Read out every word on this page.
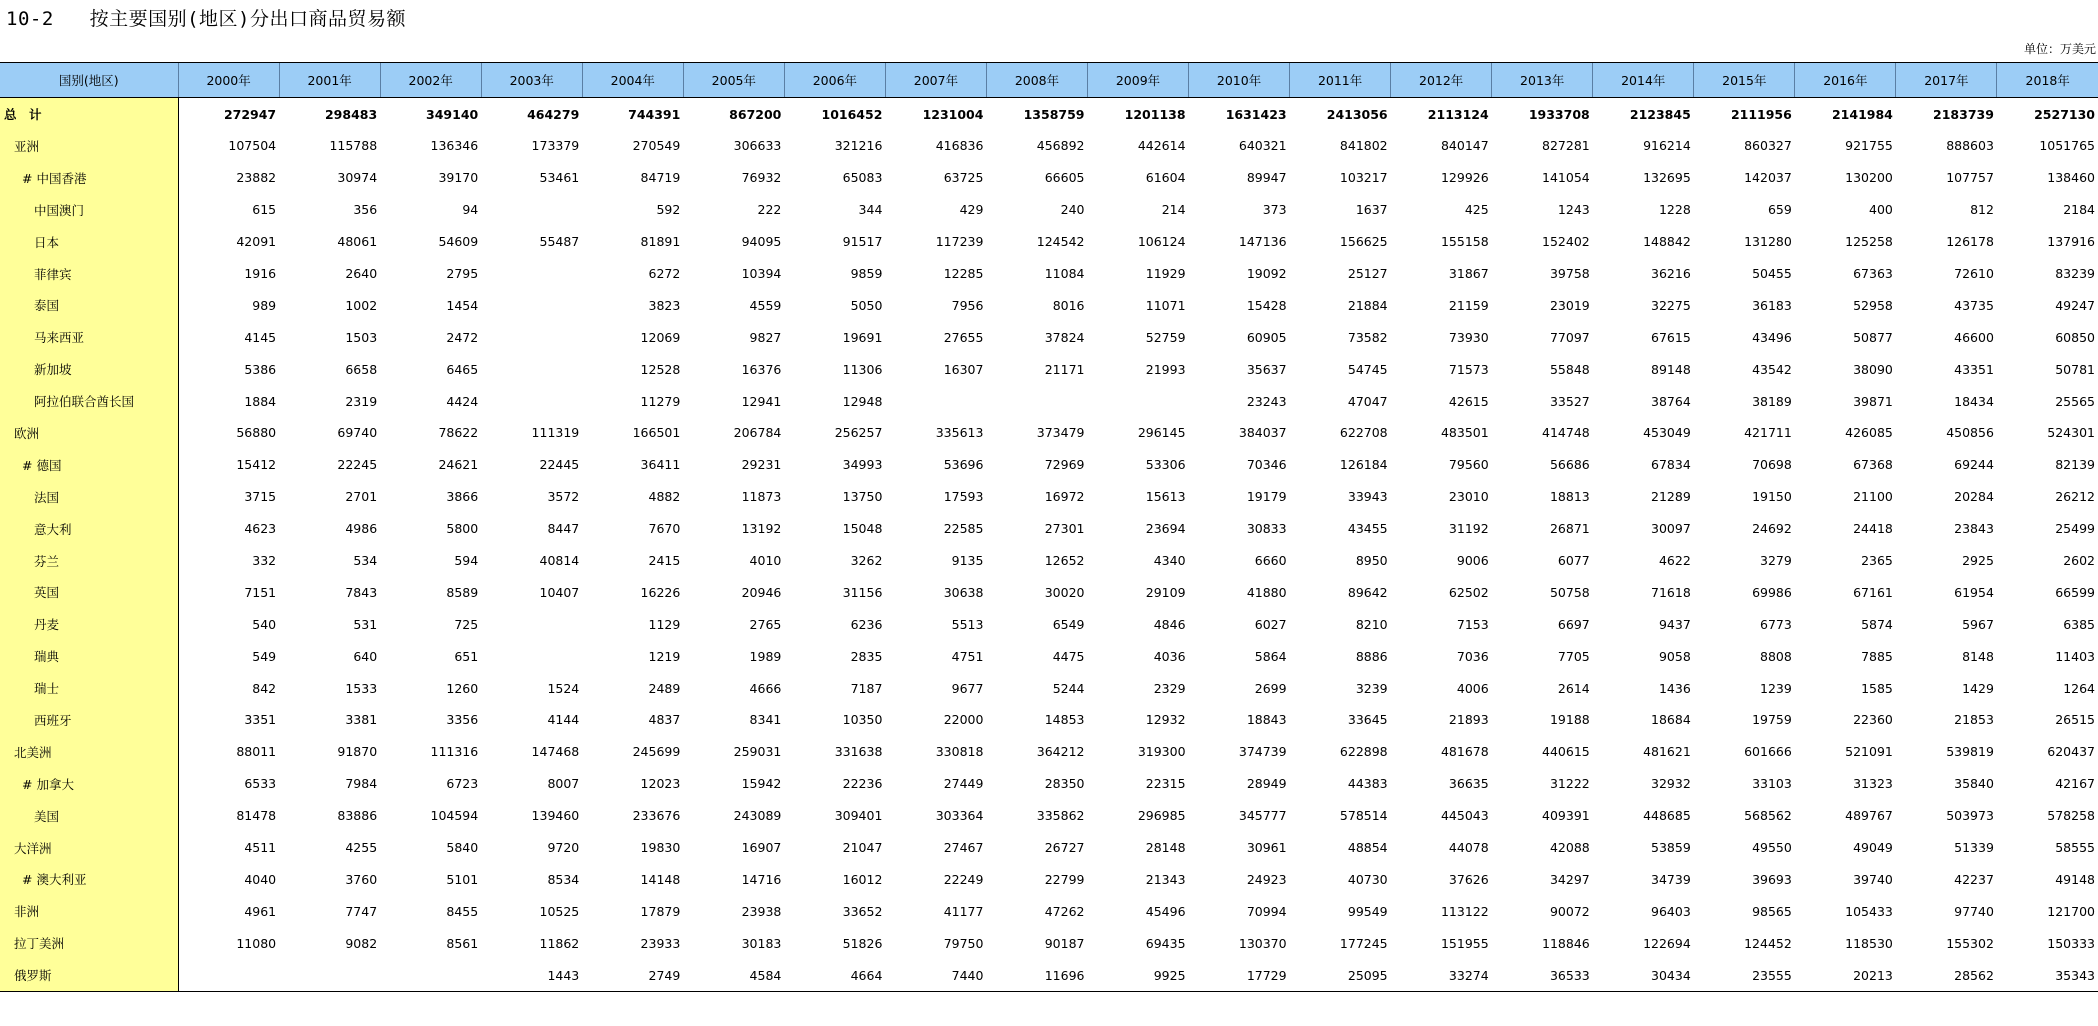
10-2   按主要国别(地区)分出口商品贸易额
单位：万美元
国别(地区)	2000年	2001年	2002年	2003年	2004年	2005年	2006年	2007年	2008年	2009年	2010年	2011年	2012年	2013年	2014年	2015年	2016年	2017年	2018年
总　计	272947	298483	349140	464279	744391	867200	1016452	1231004	1358759	1201138	1631423	2413056	2113124	1933708	2123845	2111956	2141984	2183739	2527130
亚洲	107504	115788	136346	173379	270549	306633	321216	416836	456892	442614	640321	841802	840147	827281	916214	860327	921755	888603	1051765
# 中国香港	23882	30974	39170	53461	84719	76932	65083	63725	66605	61604	89947	103217	129926	141054	132695	142037	130200	107757	138460
中国澳门	615	356	94		592	222	344	429	240	214	373	1637	425	1243	1228	659	400	812	2184
日本	42091	48061	54609	55487	81891	94095	91517	117239	124542	106124	147136	156625	155158	152402	148842	131280	125258	126178	137916
菲律宾	1916	2640	2795		6272	10394	9859	12285	11084	11929	19092	25127	31867	39758	36216	50455	67363	72610	83239
泰国	989	1002	1454		3823	4559	5050	7956	8016	11071	15428	21884	21159	23019	32275	36183	52958	43735	49247
马来西亚	4145	1503	2472		12069	9827	19691	27655	37824	52759	60905	73582	73930	77097	67615	43496	50877	46600	60850
新加坡	5386	6658	6465		12528	16376	11306	16307	21171	21993	35637	54745	71573	55848	89148	43542	38090	43351	50781
阿拉伯联合酋长国	1884	2319	4424		11279	12941	12948				23243	47047	42615	33527	38764	38189	39871	18434	25565
欧洲	56880	69740	78622	111319	166501	206784	256257	335613	373479	296145	384037	622708	483501	414748	453049	421711	426085	450856	524301
# 德国	15412	22245	24621	22445	36411	29231	34993	53696	72969	53306	70346	126184	79560	56686	67834	70698	67368	69244	82139
法国	3715	2701	3866	3572	4882	11873	13750	17593	16972	15613	19179	33943	23010	18813	21289	19150	21100	20284	26212
意大利	4623	4986	5800	8447	7670	13192	15048	22585	27301	23694	30833	43455	31192	26871	30097	24692	24418	23843	25499
芬兰	332	534	594	40814	2415	4010	3262	9135	12652	4340	6660	8950	9006	6077	4622	3279	2365	2925	2602
英国	7151	7843	8589	10407	16226	20946	31156	30638	30020	29109	41880	89642	62502	50758	71618	69986	67161	61954	66599
丹麦	540	531	725		1129	2765	6236	5513	6549	4846	6027	8210	7153	6697	9437	6773	5874	5967	6385
瑞典	549	640	651		1219	1989	2835	4751	4475	4036	5864	8886	7036	7705	9058	8808	7885	8148	11403
瑞士	842	1533	1260	1524	2489	4666	7187	9677	5244	2329	2699	3239	4006	2614	1436	1239	1585	1429	1264
西班牙	3351	3381	3356	4144	4837	8341	10350	22000	14853	12932	18843	33645	21893	19188	18684	19759	22360	21853	26515
北美洲	88011	91870	111316	147468	245699	259031	331638	330818	364212	319300	374739	622898	481678	440615	481621	601666	521091	539819	620437
# 加拿大	6533	7984	6723	8007	12023	15942	22236	27449	28350	22315	28949	44383	36635	31222	32932	33103	31323	35840	42167
美国	81478	83886	104594	139460	233676	243089	309401	303364	335862	296985	345777	578514	445043	409391	448685	568562	489767	503973	578258
大洋洲	4511	4255	5840	9720	19830	16907	21047	27467	26727	28148	30961	48854	44078	42088	53859	49550	49049	51339	58555
# 澳大利亚	4040	3760	5101	8534	14148	14716	16012	22249	22799	21343	24923	40730	37626	34297	34739	39693	39740	42237	49148
非洲	4961	7747	8455	10525	17879	23938	33652	41177	47262	45496	70994	99549	113122	90072	96403	98565	105433	97740	121700
拉丁美洲	11080	9082	8561	11862	23933	30183	51826	79750	90187	69435	130370	177245	151955	118846	122694	124452	118530	155302	150333
俄罗斯				1443	2749	4584	4664	7440	11696	9925	17729	25095	33274	36533	30434	23555	20213	28562	35343
